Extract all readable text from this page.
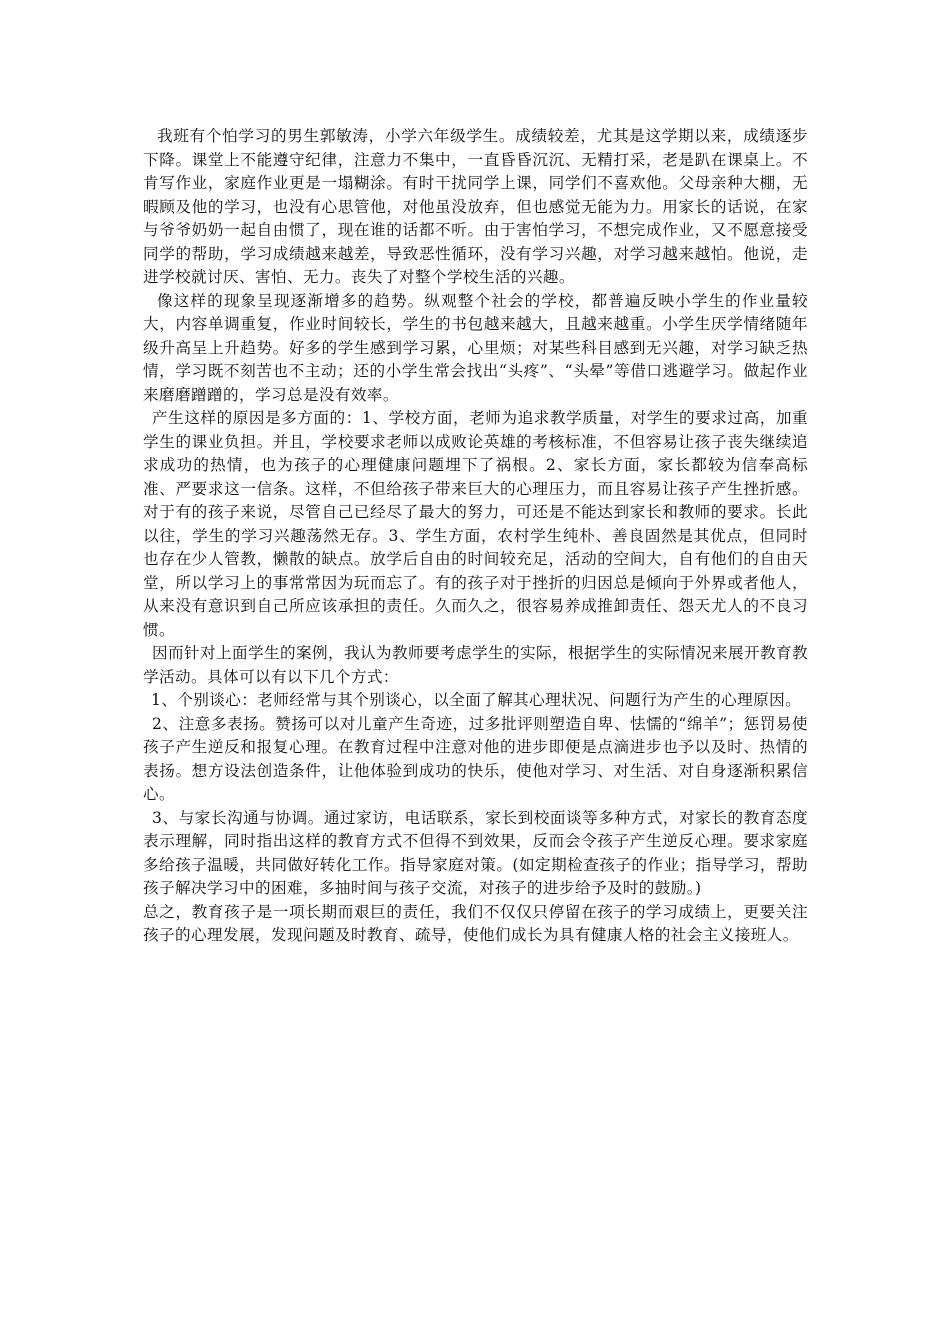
我班有个怕学习的男生郭敏涛，小学六年级学生。成绩较差，尤其是这学期以来，成绩逐步下降。课堂上不能遵守纪律，注意力不集中，一直昏昏沉沉、无精打采，老是趴在课桌上。不肯写作业，家庭作业更是一塌糊涂。有时干扰同学上课，同学们不喜欢他。父母亲种大棚，无暇顾及他的学习，也没有心思管他，对他虽没放弃，但也感觉无能为力。用家长的话说，在家与爷爷奶奶一起自由惯了，现在谁的话都不听。由于害怕学习，不想完成作业，又不愿意接受同学的帮助，学习成绩越来越差，导致恶性循环，没有学习兴趣，对学习越来越怕。他说，走进学校就讨厌、害怕、无力。丧失了对整个学校生活的兴趣。

像这样的现象呈现逐渐增多的趋势。纵观整个社会的学校，都普遍反映小学生的作业量较大，内容单调重复，作业时间较长，学生的书包越来越大，且越来越重。小学生厌学情绪随年级升高呈上升趋势。好多的学生感到学习累，心里烦；对某些科目感到无兴趣，对学习缺乏热情，学习既不刻苦也不主动；还的小学生常会找出“头疼”、“头晕”等借口逃避学习。做起作业来磨磨蹭蹭的，学习总是没有效率。

产生这样的原因是多方面的：1、学校方面，老师为追求教学质量，对学生的要求过高，加重学生的课业负担。并且，学校要求老师以成败论英雄的考核标准，不但容易让孩子丧失继续追求成功的热情，也为孩子的心理健康问题埋下了祸根。2、家长方面，家长都较为信奉高标准、严要求这一信条。这样，不但给孩子带来巨大的心理压力，而且容易让孩子产生挫折感。对于有的孩子来说，尽管自己已经尽了最大的努力，可还是不能达到家长和教师的要求。长此以往，学生的学习兴趣荡然无存。3、学生方面，农村学生纯朴、善良固然是其优点，但同时也存在少人管教，懒散的缺点。放学后自由的时间较充足，活动的空间大，自有他们的自由天堂，所以学习上的事常常因为玩而忘了。有的孩子对于挫折的归因总是倾向于外界或者他人，从来没有意识到自己所应该承担的责任。久而久之，很容易养成推卸责任、怨天尤人的不良习惯。

因而针对上面学生的案例，我认为教师要考虑学生的实际，根据学生的实际情况来展开教育教学活动。具体可以有以下几个方式：

1、个别谈心：老师经常与其个别谈心，以全面了解其心理状况、问题行为产生的心理原因。

2、注意多表扬。赞扬可以对儿童产生奇迹，过多批评则塑造自卑、怯懦的“绵羊”；惩罚易使孩子产生逆反和报复心理。在教育过程中注意对他的进步即便是点滴进步也予以及时、热情的表扬。想方设法创造条件，让他体验到成功的快乐，使他对学习、对生活、对自身逐渐积累信心。

3、与家长沟通与协调。通过家访，电话联系，家长到校面谈等多种方式，对家长的教育态度表示理解，同时指出这样的教育方式不但得不到效果，反而会令孩子产生逆反心理。要求家庭多给孩子温暖，共同做好转化工作。指导家庭对策。(如定期检查孩子的作业；指导学习，帮助孩子解决学习中的困难，多抽时间与孩子交流，对孩子的进步给予及时的鼓励。)

总之，教育孩子是一项长期而艰巨的责任，我们不仅仅只停留在孩子的学习成绩上，更要关注孩子的心理发展，发现问题及时教育、疏导，使他们成长为具有健康人格的社会主义接班人。
